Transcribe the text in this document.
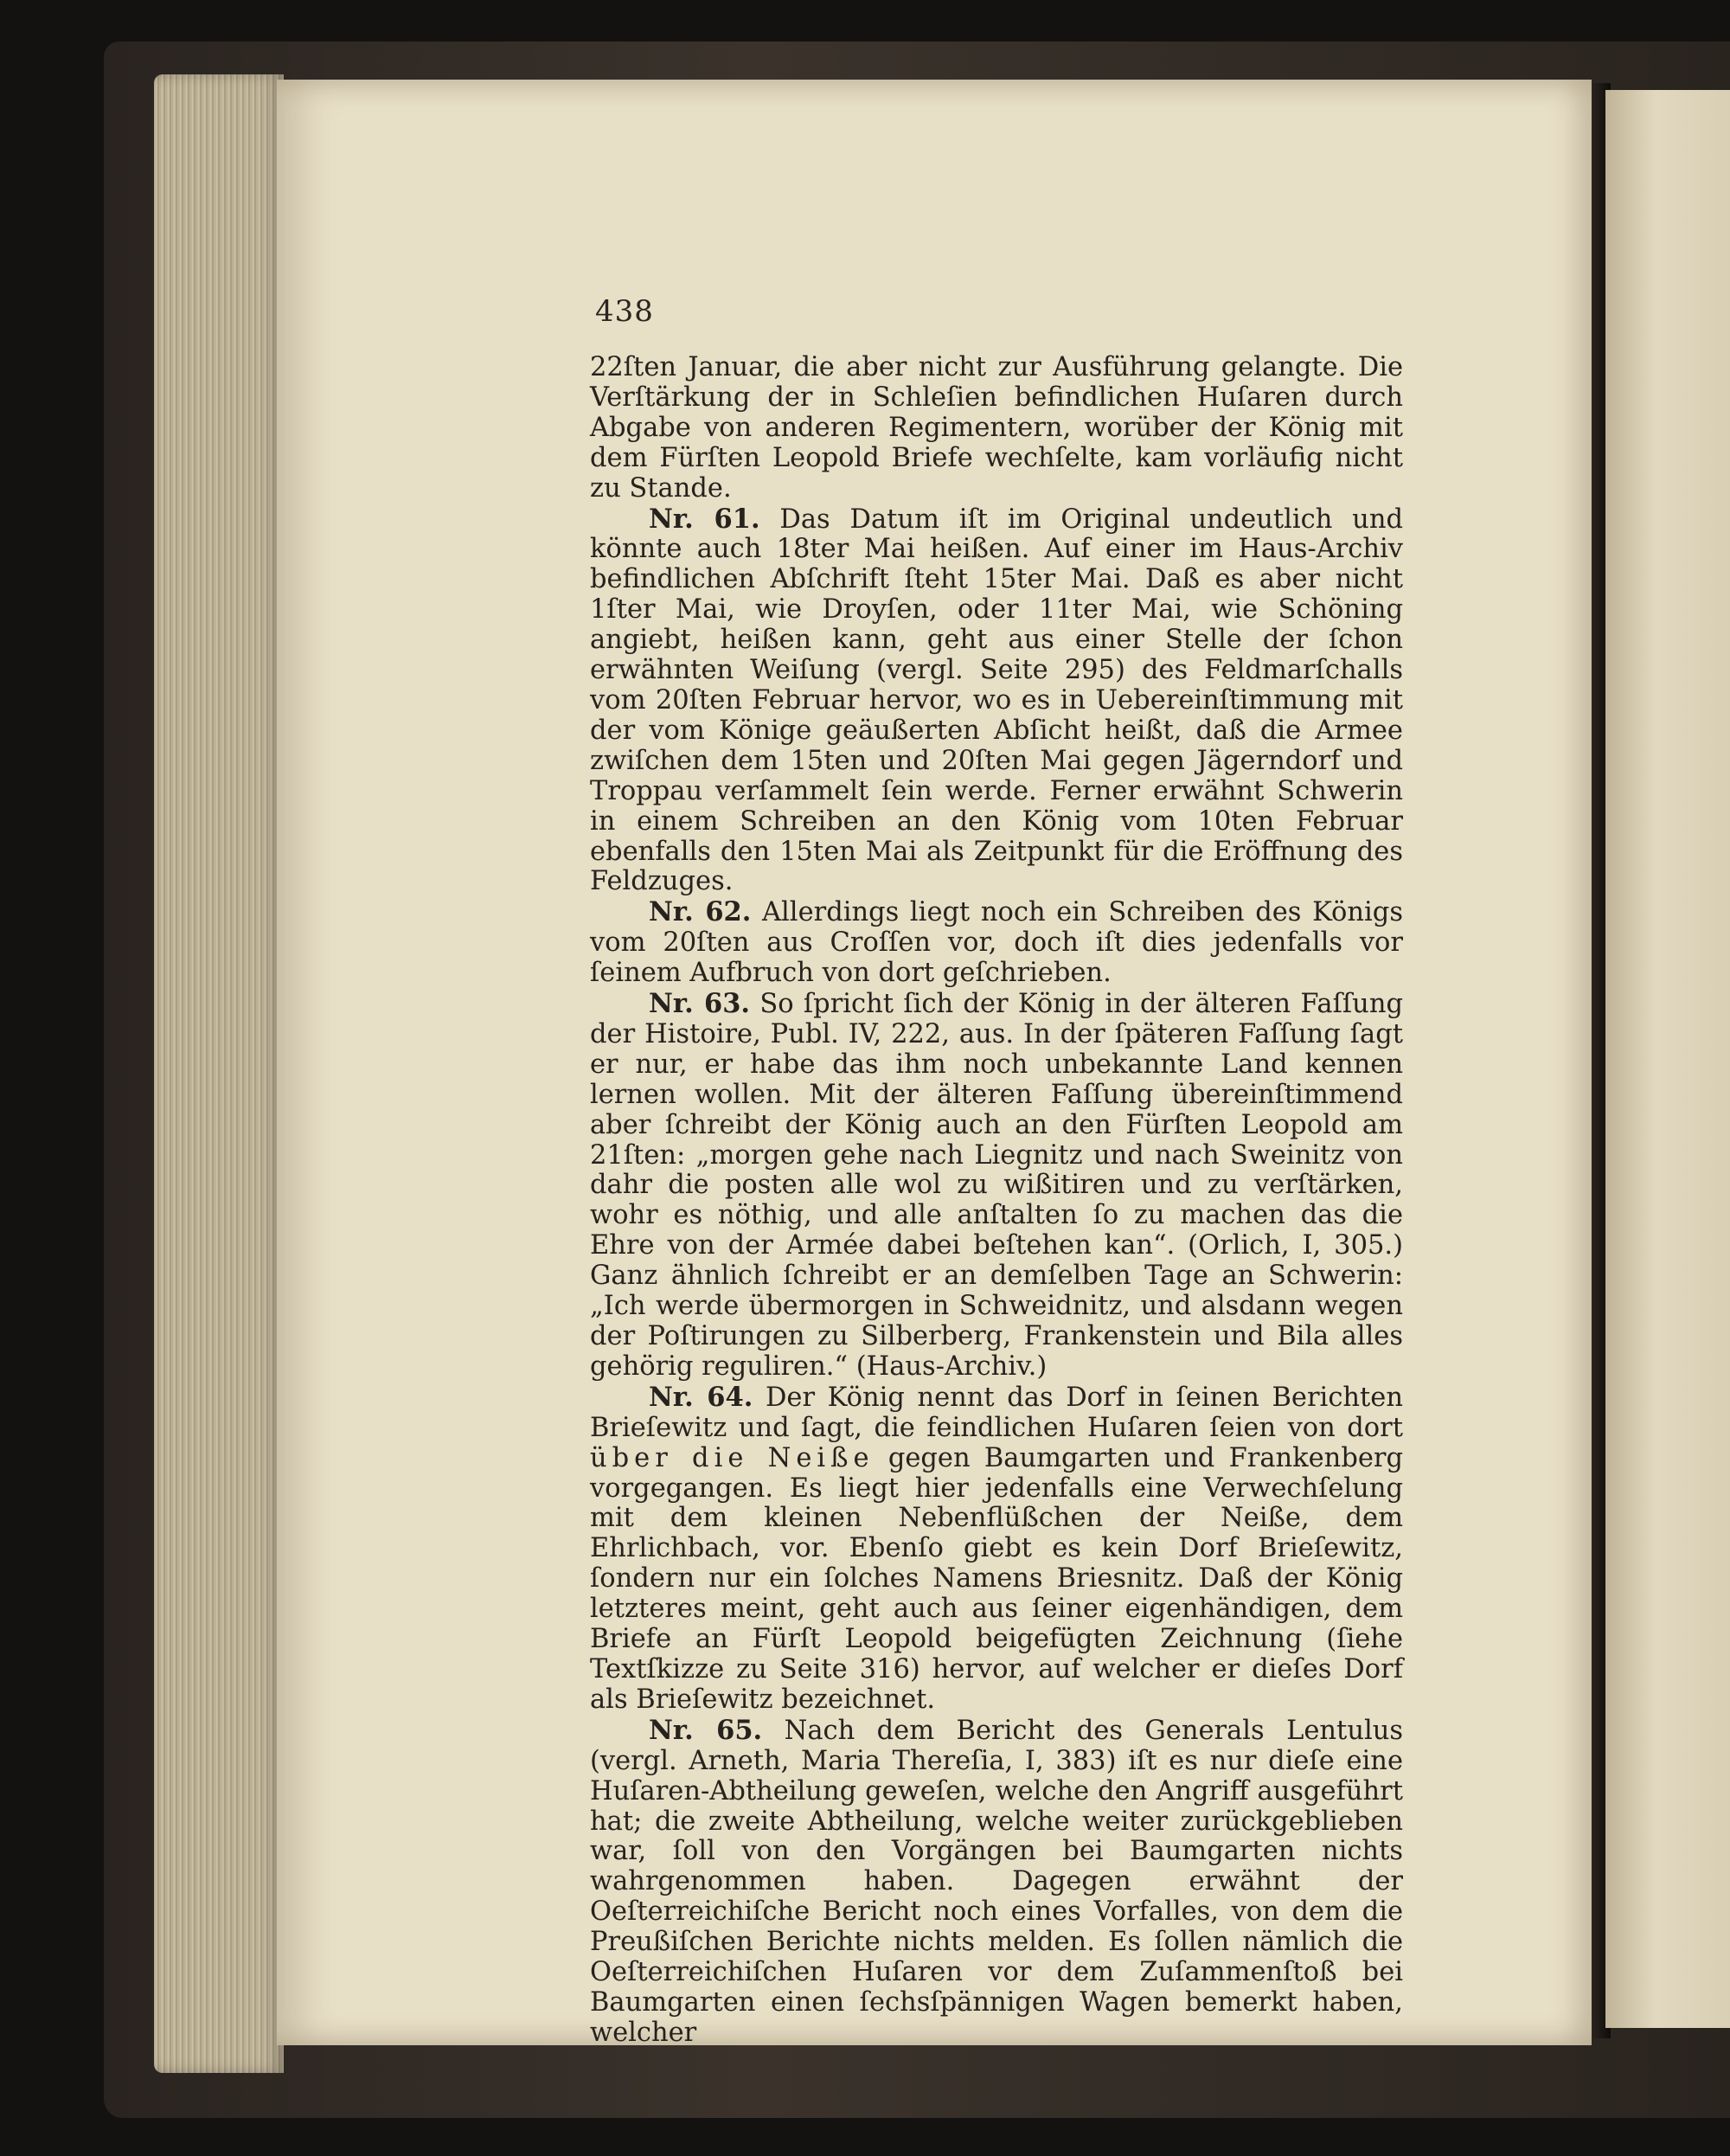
438

22ſten Januar, die aber nicht zur Ausführung gelangte. Die Verſtärkung der in Schleſien befindlichen Huſaren durch Abgabe von anderen Regimentern, worüber der König mit dem Fürſten Leopold Briefe wechſelte, kam vorläufig nicht zu Stande.

Nr. 61. Das Datum iſt im Original undeutlich und könnte auch 18ter Mai heißen. Auf einer im Haus-Archiv befindlichen Abſchrift ſteht 15ter Mai. Daß es aber nicht 1ſter Mai, wie Droyſen, oder 11ter Mai, wie Schöning angiebt, heißen kann, geht aus einer Stelle der ſchon erwähnten Weiſung (vergl. Seite 295) des Feldmarſchalls vom 20ſten Februar hervor, wo es in Uebereinſtimmung mit der vom Könige geäußerten Abſicht heißt, daß die Armee zwiſchen dem 15ten und 20ſten Mai gegen Jägerndorf und Troppau verſammelt ſein werde. Ferner erwähnt Schwerin in einem Schreiben an den König vom 10ten Februar ebenfalls den 15ten Mai als Zeitpunkt für die Eröffnung des Feldzuges.

Nr. 62. Allerdings liegt noch ein Schreiben des Königs vom 20ſten aus Croſſen vor, doch iſt dies jedenfalls vor ſeinem Aufbruch von dort geſchrieben.

Nr. 63. So ſpricht ſich der König in der älteren Faſſung der Histoire, Publ. IV, 222, aus. In der ſpäteren Faſſung ſagt er nur, er habe das ihm noch unbekannte Land kennen lernen wollen. Mit der älteren Faſſung übereinſtimmend aber ſchreibt der König auch an den Fürſten Leopold am 21ſten: „morgen gehe nach Liegnitz und nach Sweinitz von dahr die posten alle wol zu wißitiren und zu verſtärken, wohr es nöthig, und alle anſtalten ſo zu machen das die Ehre von der Armée dabei beſtehen kan“. (Orlich, I, 305.) Ganz ähnlich ſchreibt er an demſelben Tage an Schwerin: „Ich werde übermorgen in Schweidnitz, und alsdann wegen der Poſtirungen zu Silberberg, Frankenstein und Bila alles gehörig reguliren.“ (Haus-Archiv.)

Nr. 64. Der König nennt das Dorf in ſeinen Berichten Brieſewitz und ſagt, die feindlichen Huſaren ſeien von dort über die Neiße gegen Baumgarten und Frankenberg vorgegangen. Es liegt hier jedenfalls eine Verwechſelung mit dem kleinen Nebenflüßchen der Neiße, dem Ehrlichbach, vor. Ebenſo giebt es kein Dorf Brieſewitz, ſondern nur ein ſolches Namens Briesnitz. Daß der König letzteres meint, geht auch aus ſeiner eigenhändigen, dem Briefe an Fürſt Leopold beigefügten Zeichnung (ſiehe Textſkizze zu Seite 316) hervor, auf welcher er dieſes Dorf als Brieſewitz bezeichnet.

Nr. 65. Nach dem Bericht des Generals Lentulus (vergl. Arneth, Maria Thereſia, I, 383) iſt es nur dieſe eine Huſaren-Abtheilung geweſen, welche den Angriff ausgeführt hat; die zweite Abtheilung, welche weiter zurückgeblieben war, ſoll von den Vorgängen bei Baumgarten nichts wahrgenommen haben. Dagegen erwähnt der Oeſterreichiſche Bericht noch eines Vorfalles, von dem die Preußiſchen Berichte nichts melden. Es ſollen nämlich die Oeſterreichiſchen Huſaren vor dem Zuſammenſtoß bei Baumgarten einen ſechsſpännigen Wagen bemerkt haben, welcher
